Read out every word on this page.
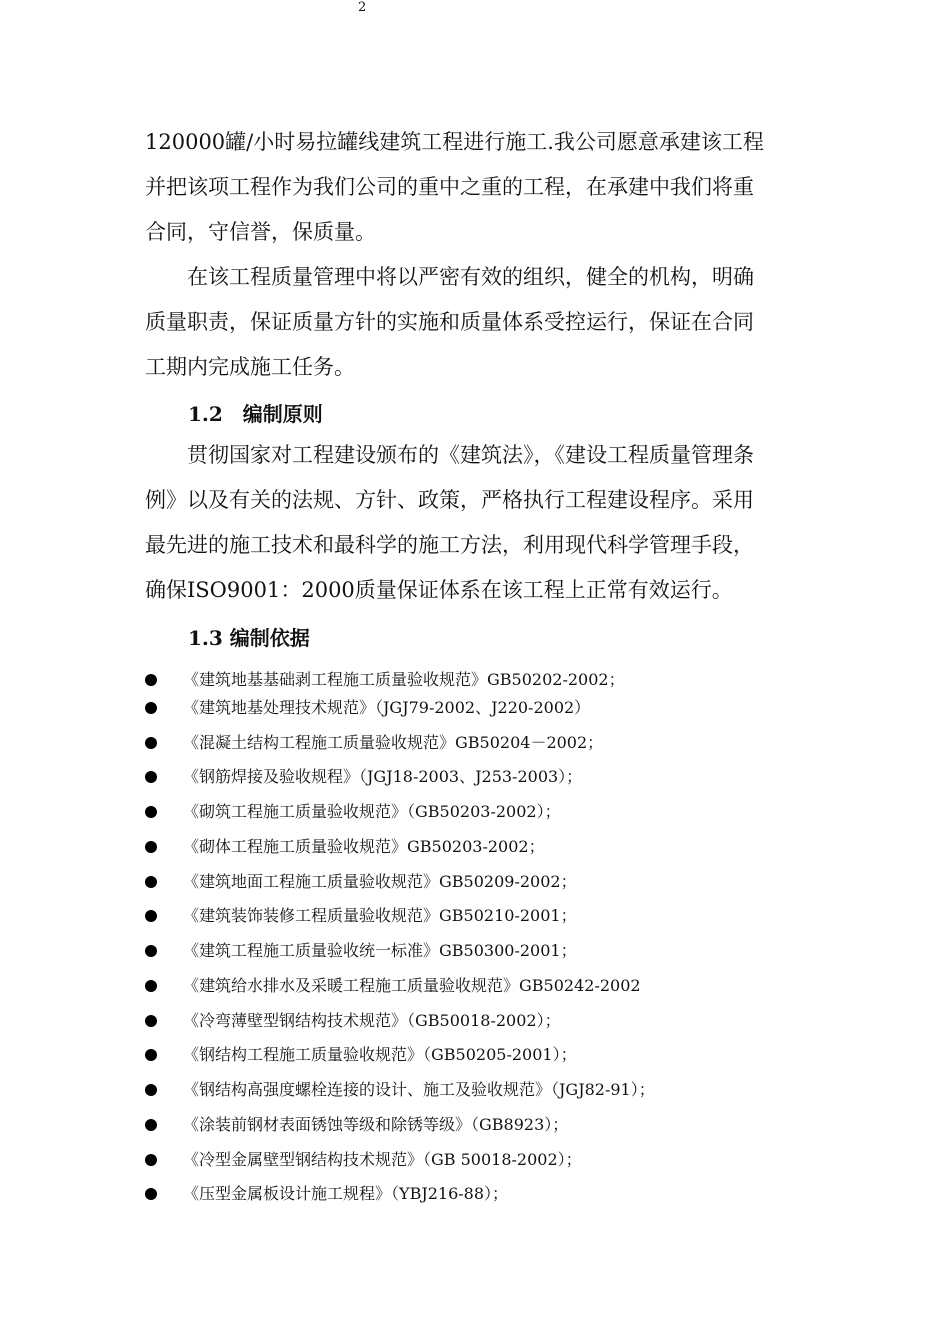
2
120000罐/小时易拉罐线建筑工程进行施工.我公司愿意承建该工程
并把该项工程作为我们公司的重中之重的工程，在承建中我们将重
合同，守信誉，保质量。
在该工程质量管理中将以严密有效的组织，健全的机构，明确
质量职责，保证质量方针的实施和质量体系受控运行，保证在合同
工期内完成施工任务。
1.2　编制原则
贯彻国家对工程建设颁布的《建筑法》，《建设工程质量管理条
例》以及有关的法规、方针、政策，严格执行工程建设程序。采用
最先进的施工技术和最科学的施工方法，利用现代科学管理手段，
确保ISO9001：2000质量保证体系在该工程上正常有效运行。
1.3 编制依据
《建筑地基基础剥工程施工质量验收规范》GB50202-2002；
《建筑地基处理技术规范》（JGJ79-2002、J220-2002）
《混凝土结构工程施工质量验收规范》GB50204－2002；
《钢筋焊接及验收规程》（JGJ18-2003、J253-2003）；
《砌筑工程施工质量验收规范》（GB50203-2002）；
《砌体工程施工质量验收规范》GB50203-2002；
《建筑地面工程施工质量验收规范》GB50209-2002；
《建筑装饰装修工程质量验收规范》GB50210-2001；
《建筑工程施工质量验收统一标准》GB50300-2001；
《建筑给水排水及采暖工程施工质量验收规范》GB50242-2002
《冷弯薄壁型钢结构技术规范》（GB50018-2002）；
《钢结构工程施工质量验收规范》（GB50205-2001）；
《钢结构高强度螺栓连接的设计、施工及验收规范》（JGJ82-91）；
《涂装前钢材表面锈蚀等级和除锈等级》（GB8923）；
《冷型金属壁型钢结构技术规范》（GB 50018-2002）；
《压型金属板设计施工规程》（YBJ216-88）；
